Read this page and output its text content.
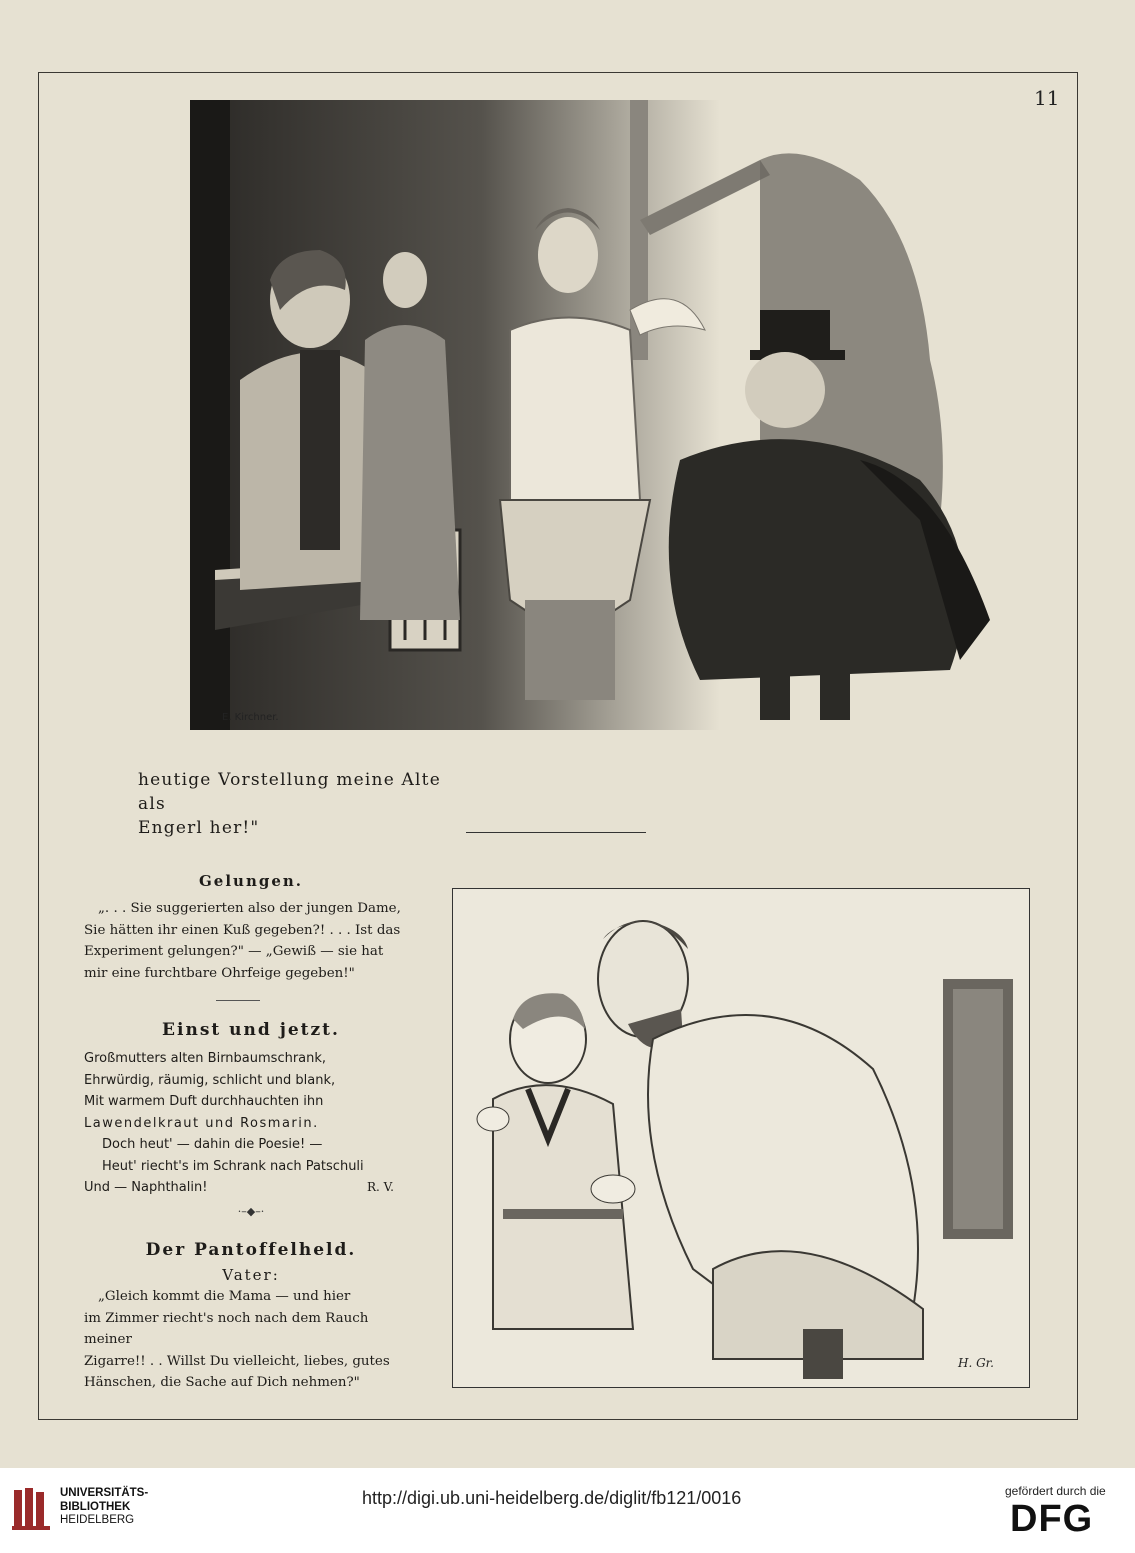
11
E. Kirchner.
heutige Vorstellung meine Alte als
Engerl her!"
Gelungen.
„. . . Sie suggerierten also der jungen Dame,
Sie hätten ihr einen Kuß gegeben?! . . . Ist das
Experiment gelungen?" — „Gewiß — sie hat
mir eine furchtbare Ohrfeige gegeben!"
Einst und jetzt.
Großmutters alten Birnbaumschrank,
Ehrwürdig, räumig, schlicht und blank,
Mit warmem Duft durchhauchten ihn
Lawendelkraut und Rosmarin.
Doch heut' — dahin die Poesie! —
Heut' riecht's im Schrank nach Patschuli
Und — Naphthalin!	R. V.
·–◆–·
Der Pantoffelheld.
Vater:
„Gleich kommt die Mama — und hier
im Zimmer riecht's noch nach dem Rauch meiner
Zigarre!! . . Willst Du vielleicht, liebes, gutes
Hänschen, die Sache auf Dich nehmen?"
H. Gr.
UNIVERSITÄTS-
BIBLIOTHEK
HEIDELBERG
http://digi.ub.uni-heidelberg.de/diglit/fb121/0016	gefördert durch die
DFG
